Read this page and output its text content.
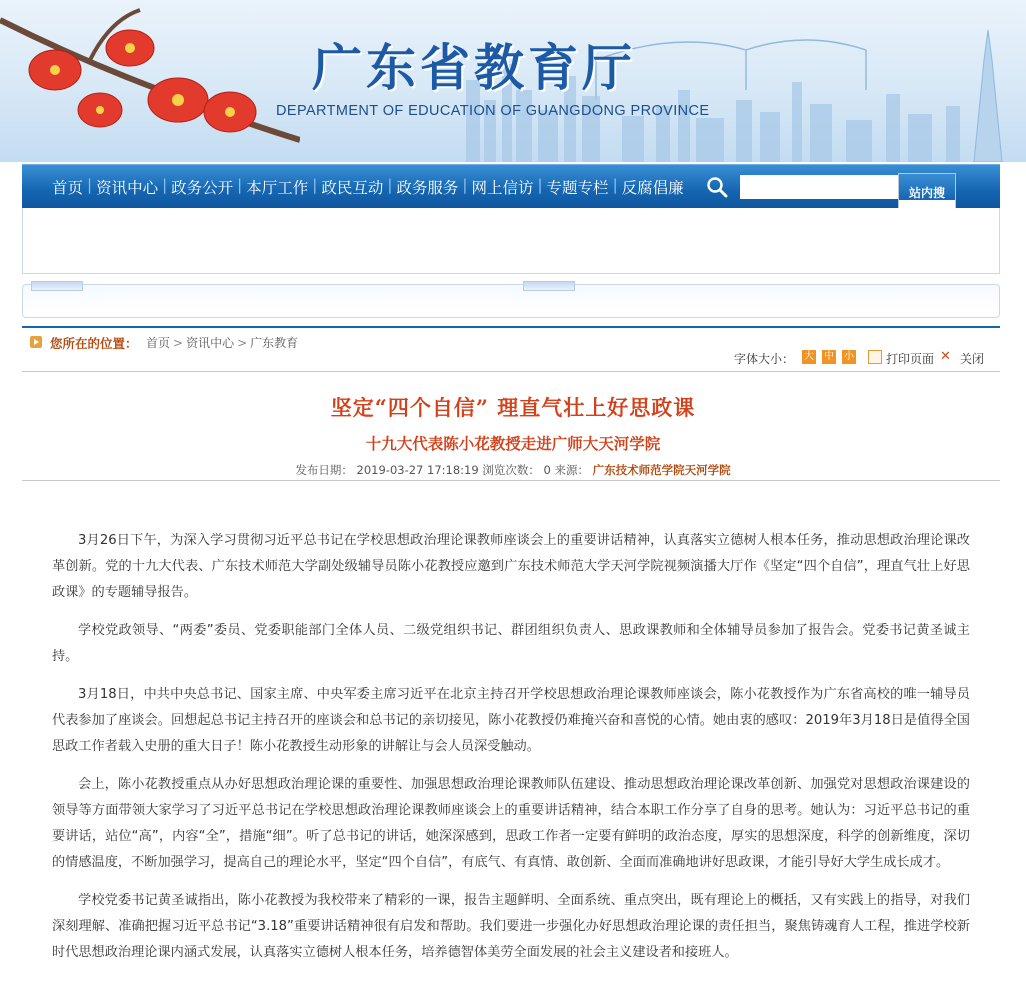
广东省教育厅
DEPARTMENT OF EDUCATION OF GUANGDONG PROVINCE
首页 | 资讯中心 | 政务公开 | 本厅工作 | 政民互动 | 政务服务 | 网上信访 | 专题专栏 | 反腐倡廉	站内搜
您所在的位置： 首页 > 资讯中心 > 广东教育
字体大小： 大 中 小	打印页面 ✕ 关闭
坚定“四个自信” 理直气壮上好思政课
十九大代表陈小花教授走进广师大天河学院
发布日期： 2019-03-27 17:18:19 浏览次数： 0 来源： 广东技术师范学院天河学院

3月26日下午，为深入学习贯彻习近平总书记在学校思想政治理论课教师座谈会上的重要讲话精神，认真落实立德树人根本任务，推动思想政治理论课改革创新。党的十九大代表、广东技术师范大学副处级辅导员陈小花教授应邀到广东技术师范大学天河学院视频演播大厅作《坚定“四个自信”，理直气壮上好思政课》的专题辅导报告。

学校党政领导、“两委”委员、党委职能部门全体人员、二级党组织书记、群团组织负责人、思政课教师和全体辅导员参加了报告会。党委书记黄圣诚主持。

3月18日，中共中央总书记、国家主席、中央军委主席习近平在北京主持召开学校思想政治理论课教师座谈会，陈小花教授作为广东省高校的唯一辅导员代表参加了座谈会。回想起总书记主持召开的座谈会和总书记的亲切接见，陈小花教授仍难掩兴奋和喜悦的心情。她由衷的感叹：2019年3月18日是值得全国思政工作者载入史册的重大日子！陈小花教授生动形象的讲解让与会人员深受触动。

会上，陈小花教授重点从办好思想政治理论课的重要性、加强思想政治理论课教师队伍建设、推动思想政治理论课改革创新、加强党对思想政治课建设的领导等方面带领大家学习了习近平总书记在学校思想政治理论课教师座谈会上的重要讲话精神，结合本职工作分享了自身的思考。她认为：习近平总书记的重要讲话，站位“高”，内容“全”，措施“细”。听了总书记的讲话，她深深感到，思政工作者一定要有鲜明的政治态度，厚实的思想深度，科学的创新维度，深切的情感温度，不断加强学习，提高自己的理论水平，坚定“四个自信”，有底气、有真情、敢创新、全面而准确地讲好思政课，才能引导好大学生成长成才。

学校党委书记黄圣诚指出，陈小花教授为我校带来了精彩的一课，报告主题鲜明、全面系统、重点突出，既有理论上的概括，又有实践上的指导，对我们深刻理解、准确把握习近平总书记“3.18”重要讲话精神很有启发和帮助。我们要进一步强化办好思想政治理论课的责任担当，聚焦铸魂育人工程，推进学校新时代思想政治理论课内涵式发展，认真落实立德树人根本任务，培养德智体美劳全面发展的社会主义建设者和接班人。
